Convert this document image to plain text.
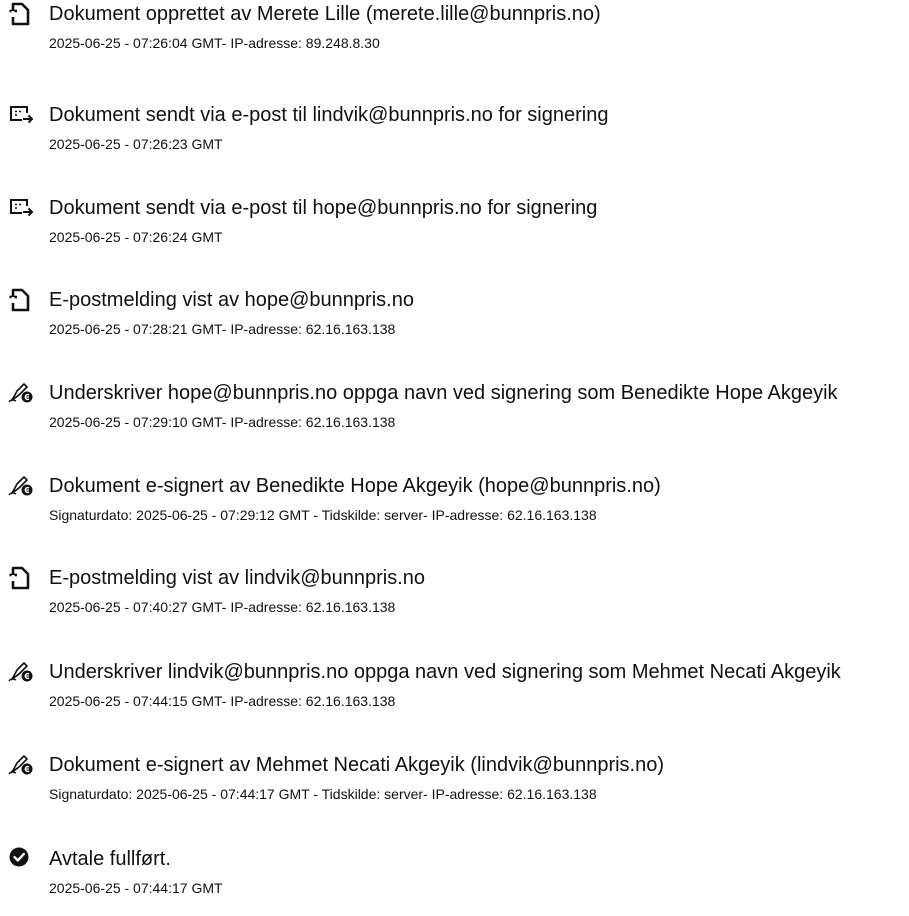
Dokument opprettet av Merete Lille (merete.lille@bunnpris.no)
2025-06-25 - 07:26:04 GMT- IP-adresse: 89.248.8.30
Dokument sendt via e-post til lindvik@bunnpris.no for signering
2025-06-25 - 07:26:23 GMT
Dokument sendt via e-post til hope@bunnpris.no for signering
2025-06-25 - 07:26:24 GMT
E-postmelding vist av hope@bunnpris.no
2025-06-25 - 07:28:21 GMT- IP-adresse: 62.16.163.138
Underskriver hope@bunnpris.no oppga navn ved signering som Benedikte Hope Akgeyik
2025-06-25 - 07:29:10 GMT- IP-adresse: 62.16.163.138
Dokument e-signert av Benedikte Hope Akgeyik (hope@bunnpris.no)
Signaturdato: 2025-06-25 - 07:29:12 GMT - Tidskilde: server- IP-adresse: 62.16.163.138
E-postmelding vist av lindvik@bunnpris.no
2025-06-25 - 07:40:27 GMT- IP-adresse: 62.16.163.138
Underskriver lindvik@bunnpris.no oppga navn ved signering som Mehmet Necati Akgeyik
2025-06-25 - 07:44:15 GMT- IP-adresse: 62.16.163.138
Dokument e-signert av Mehmet Necati Akgeyik (lindvik@bunnpris.no)
Signaturdato: 2025-06-25 - 07:44:17 GMT - Tidskilde: server- IP-adresse: 62.16.163.138
Avtale fullført.
2025-06-25 - 07:44:17 GMT
